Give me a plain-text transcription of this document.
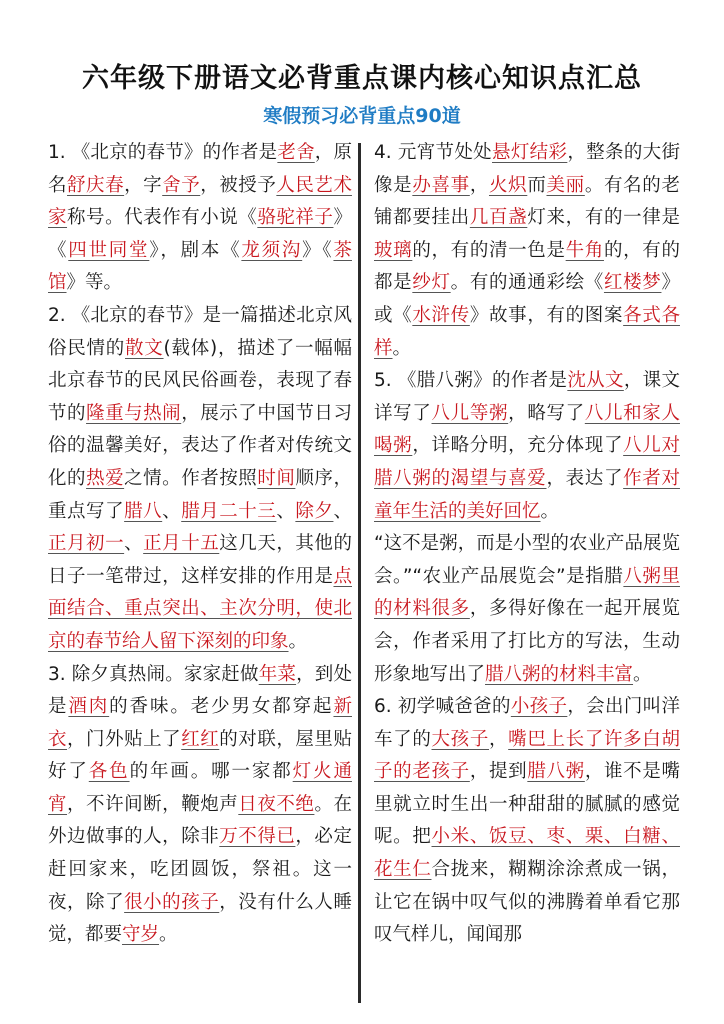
六年级下册语文必背重点课内核心知识点汇总
寒假预习必背重点90道

1. 《北京的春节》的作者是老舍，原名舒庆春，字舍予，被授予人民艺术家称号。代表作有小说《骆驼祥子》《四世同堂》，剧本《龙须沟》《茶馆》等。

2. 《北京的春节》是一篇描述北京风俗民情的散文(载体)，描述了一幅幅北京春节的民风民俗画卷，表现了春节的隆重与热闹，展示了中国节日习俗的温馨美好，表达了作者对传统文化的热爱之情。作者按照时间顺序，重点写了腊八、腊月二十三、除夕、正月初一、正月十五这几天，其他的日子一笔带过，这样安排的作用是点面结合、重点突出、主次分明，使北京的春节给人留下深刻的印象。

3. 除夕真热闹。家家赶做年菜，到处是酒肉的香味。老少男女都穿起新衣，门外贴上了红红的对联，屋里贴好了各色的年画。哪一家都灯火通宵，不许间断，鞭炮声日夜不绝。在外边做事的人，除非万不得已，必定赶回家来，吃团圆饭，祭祖。这一夜，除了很小的孩子，没有什么人睡觉，都要守岁。

4. 元宵节处处悬灯结彩，整条的大街像是办喜事，火炽而美丽。有名的老铺都要挂出几百盏灯来，有的一律是玻璃的，有的清一色是牛角的，有的都是纱灯。有的通通彩绘《红楼梦》或《水浒传》故事，有的图案各式各样。

5. 《腊八粥》的作者是沈从文，课文详写了八儿等粥，略写了八儿和家人喝粥，详略分明，充分体现了八儿对腊八粥的渴望与喜爱，表达了作者对童年生活的美好回忆。

“这不是粥，而是小型的农业产品展览会。”“农业产品展览会”是指腊八粥里的材料很多，多得好像在一起开展览会，作者采用了打比方的写法，生动形象地写出了腊八粥的材料丰富。

6. 初学喊爸爸的小孩子，会出门叫洋车了的大孩子，嘴巴上长了许多白胡子的老孩子，提到腊八粥，谁不是嘴里就立时生出一种甜甜的腻腻的感觉呢。把小米、饭豆、枣、栗、白糖、花生仁合拢来，糊糊涂涂煮成一锅，让它在锅中叹气似的沸腾着单看它那叹气样儿，闻闻那
